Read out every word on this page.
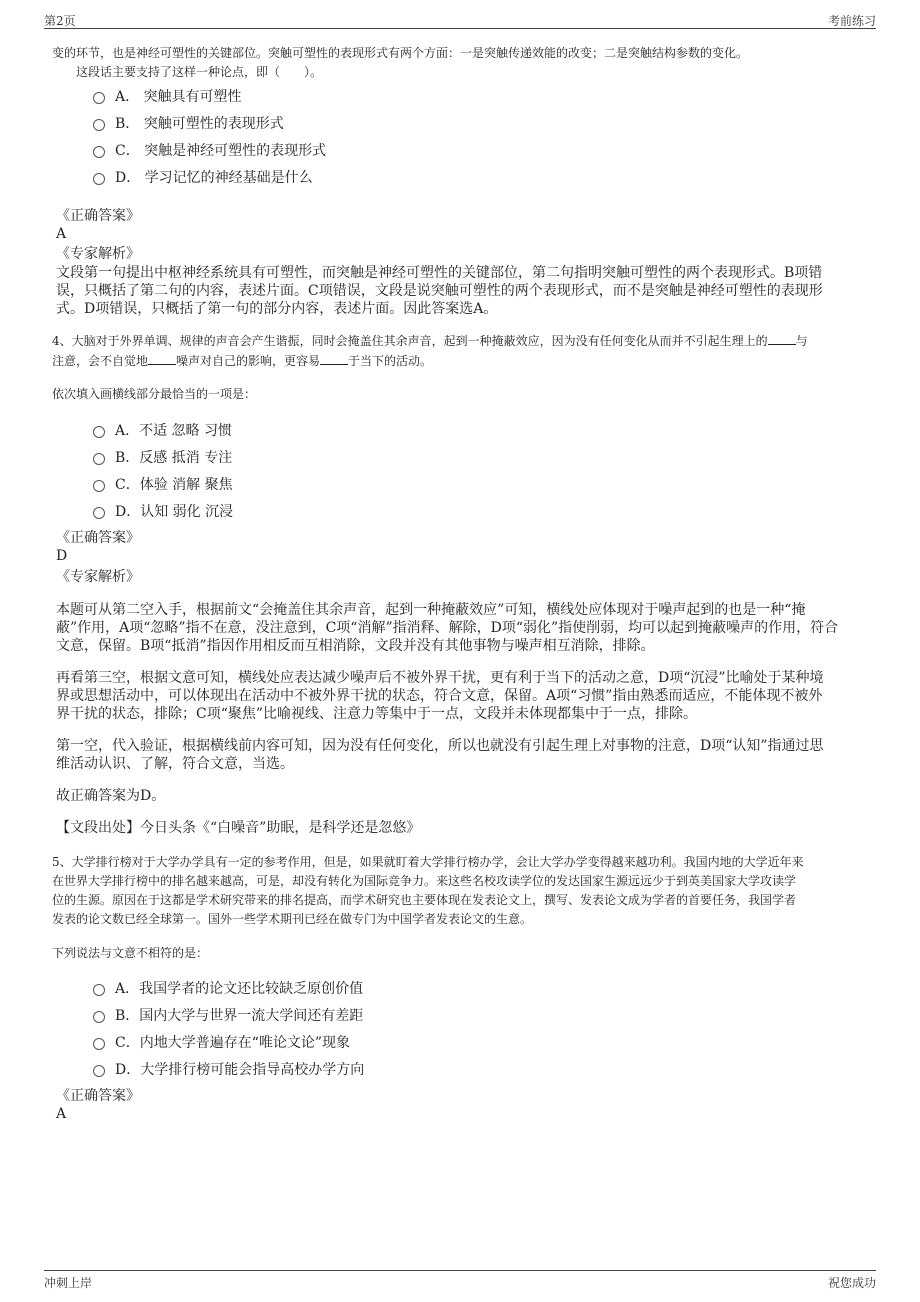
第2页	考前练习
变的环节，也是神经可塑性的关键部位。突触可塑性的表现形式有两个方面：一是突触传递效能的改变；二是突触结构参数的变化。
这段话主要支持了这样一种论点，即（　　）。
A． 突触具有可塑性
B． 突触可塑性的表现形式
C． 突触是神经可塑性的表现形式
D． 学习记忆的神经基础是什么
《正确答案》
A
《专家解析》
文段第一句提出中枢神经系统具有可塑性，而突触是神经可塑性的关键部位，第二句指明突触可塑性的两个表现形式。B项错
误，只概括了第二句的内容，表述片面。C项错误，文段是说突触可塑性的两个表现形式，而不是突触是神经可塑性的表现形
式。D项错误，只概括了第一句的部分内容，表述片面。因此答案选A。
4、大脑对于外界单调、规律的声音会产生谐振，同时会掩盖住其余声音，起到一种掩蔽效应，因为没有任何变化从而并不引起生理上的 与
注意，会不自觉地 噪声对自己的影响，更容易 于当下的活动。
依次填入画横线部分最恰当的一项是：
A．不适 忽略 习惯
B．反感 抵消 专注
C．体验 消解 聚焦
D．认知 弱化 沉浸
《正确答案》
D
《专家解析》
本题可从第二空入手，根据前文“会掩盖住其余声音，起到一种掩蔽效应”可知，横线处应体现对于噪声起到的也是一种“掩
蔽”作用，A项“忽略”指不在意，没注意到，C项“消解”指消释、解除，D项“弱化”指使削弱，均可以起到掩蔽噪声的作用，符合
文意，保留。B项“抵消”指因作用相反而互相消除，文段并没有其他事物与噪声相互消除，排除。
再看第三空，根据文意可知，横线处应表达减少噪声后不被外界干扰，更有利于当下的活动之意，D项“沉浸”比喻处于某种境
界或思想活动中，可以体现出在活动中不被外界干扰的状态，符合文意，保留。A项“习惯”指由熟悉而适应，不能体现不被外
界干扰的状态，排除；C项“聚焦”比喻视线、注意力等集中于一点，文段并未体现都集中于一点，排除。
第一空，代入验证，根据横线前内容可知，因为没有任何变化，所以也就没有引起生理上对事物的注意，D项“认知”指通过思
维活动认识、了解，符合文意，当选。
故正确答案为D。
【文段出处】今日头条《“白噪音”助眠，是科学还是忽悠》
5、大学排行榜对于大学办学具有一定的参考作用，但是，如果就盯着大学排行榜办学，会让大学办学变得越来越功利。我国内地的大学近年来
在世界大学排行榜中的排名越来越高，可是，却没有转化为国际竞争力。来这些名校攻读学位的发达国家生源远远少于到英美国家大学攻读学
位的生源。原因在于这都是学术研究带来的排名提高，而学术研究也主要体现在发表论文上，撰写、发表论文成为学者的首要任务，我国学者
发表的论文数已经全球第一。国外一些学术期刊已经在做专门为中国学者发表论文的生意。
下列说法与文意不相符的是：
A．我国学者的论文还比较缺乏原创价值
B．国内大学与世界一流大学间还有差距
C．内地大学普遍存在“唯论文论”现象
D．大学排行榜可能会指导高校办学方向
《正确答案》
A
冲刺上岸	祝您成功
